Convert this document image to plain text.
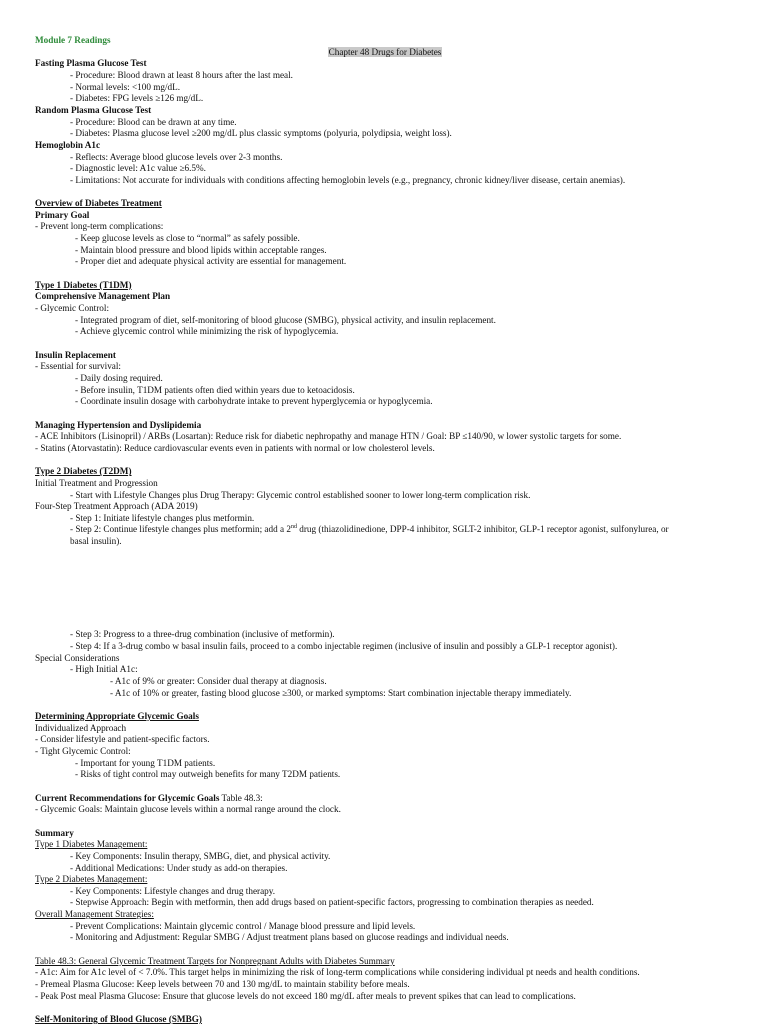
Module 7 Readings
Chapter 48 Drugs for Diabetes
Fasting Plasma Glucose Test
- Procedure: Blood drawn at least 8 hours after the last meal.
- Normal levels: <100 mg/dL.
- Diabetes: FPG levels ≥126 mg/dL.
Random Plasma Glucose Test
- Procedure: Blood can be drawn at any time.
- Diabetes: Plasma glucose level ≥200 mg/dL plus classic symptoms (polyuria, polydipsia, weight loss).
Hemoglobin A1c
- Reflects: Average blood glucose levels over 2-3 months.
- Diagnostic level: A1c value ≥6.5%.
- Limitations: Not accurate for individuals with conditions affecting hemoglobin levels (e.g., pregnancy, chronic kidney/liver disease, certain anemias).
Overview of Diabetes Treatment
Primary Goal
- Prevent long-term complications:
- Keep glucose levels as close to “normal” as safely possible.
- Maintain blood pressure and blood lipids within acceptable ranges.
- Proper diet and adequate physical activity are essential for management.
Type 1 Diabetes (T1DM)
Comprehensive Management Plan
- Glycemic Control:
- Integrated program of diet, self-monitoring of blood glucose (SMBG), physical activity, and insulin replacement.
- Achieve glycemic control while minimizing the risk of hypoglycemia.
Insulin Replacement
- Essential for survival:
- Daily dosing required.
- Before insulin, T1DM patients often died within years due to ketoacidosis.
- Coordinate insulin dosage with carbohydrate intake to prevent hyperglycemia or hypoglycemia.
Managing Hypertension and Dyslipidemia
- ACE Inhibitors (Lisinopril) / ARBs (Losartan): Reduce risk for diabetic nephropathy and manage HTN / Goal: BP ≤140/90, w lower systolic targets for some.
- Statins (Atorvastatin): Reduce cardiovascular events even in patients with normal or low cholesterol levels.
Type 2 Diabetes (T2DM)
Initial Treatment and Progression
- Start with Lifestyle Changes plus Drug Therapy: Glycemic control established sooner to lower long-term complication risk.
Four-Step Treatment Approach (ADA 2019)
- Step 1: Initiate lifestyle changes plus metformin.
- Step 2: Continue lifestyle changes plus metformin; add a 2nd drug (thiazolidinedione, DPP-4 inhibitor, SGLT-2 inhibitor, GLP-1 receptor agonist, sulfonylurea, or
basal insulin).
- Step 3: Progress to a three-drug combination (inclusive of metformin).
- Step 4: If a 3-drug combo w basal insulin fails, proceed to a combo injectable regimen (inclusive of insulin and possibly a GLP-1 receptor agonist).
Special Considerations
- High Initial A1c:
- A1c of 9% or greater: Consider dual therapy at diagnosis.
- A1c of 10% or greater, fasting blood glucose ≥300, or marked symptoms: Start combination injectable therapy immediately.
Determining Appropriate Glycemic Goals
Individualized Approach
- Consider lifestyle and patient-specific factors.
- Tight Glycemic Control:
- Important for young T1DM patients.
- Risks of tight control may outweigh benefits for many T2DM patients.
Current Recommendations for Glycemic Goals Table 48.3:
- Glycemic Goals: Maintain glucose levels within a normal range around the clock.
Summary
Type 1 Diabetes Management:
- Key Components: Insulin therapy, SMBG, diet, and physical activity.
- Additional Medications: Under study as add-on therapies.
Type 2 Diabetes Management:
- Key Components: Lifestyle changes and drug therapy.
- Stepwise Approach: Begin with metformin, then add drugs based on patient-specific factors, progressing to combination therapies as needed.
Overall Management Strategies:
- Prevent Complications: Maintain glycemic control / Manage blood pressure and lipid levels.
- Monitoring and Adjustment: Regular SMBG / Adjust treatment plans based on glucose readings and individual needs.
Table 48.3: General Glycemic Treatment Targets for Nonpregnant Adults with Diabetes Summary
- A1c: Aim for A1c level of < 7.0%. This target helps in minimizing the risk of long-term complications while considering individual pt needs and health conditions.
- Premeal Plasma Glucose: Keep levels between 70 and 130 mg/dL to maintain stability before meals.
- Peak Post meal Plasma Glucose: Ensure that glucose levels do not exceed 180 mg/dL after meals to prevent spikes that can lead to complications.
Self-Monitoring of Blood Glucose (SMBG)
